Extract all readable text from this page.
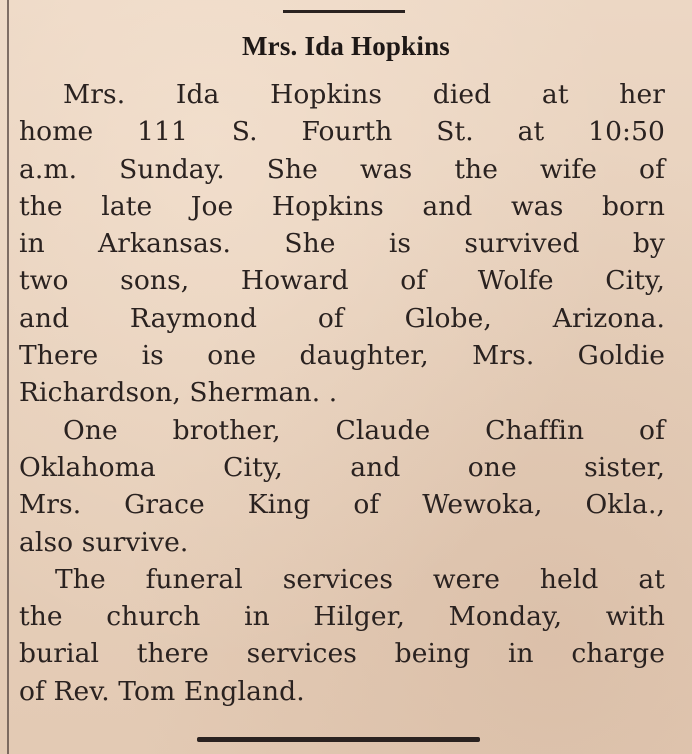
Mrs. Ida Hopkins
Mrs. Ida Hopkins died at her
home 111 S. Fourth St. at 10:50
a.m. Sunday. She was the wife of
the late Joe Hopkins and was born
in Arkansas. She is survived by
two sons, Howard of Wolfe City,
and Raymond of Globe, Arizona.
There is one daughter, Mrs. Goldie
Richardson, Sherman. .
One brother, Claude Chaffin of
Oklahoma City, and one sister,
Mrs. Grace King of Wewoka, Okla.,
also survive.
The funeral services were held at
the church in Hilger, Monday, with
burial there services being in charge
of Rev. Tom England.
